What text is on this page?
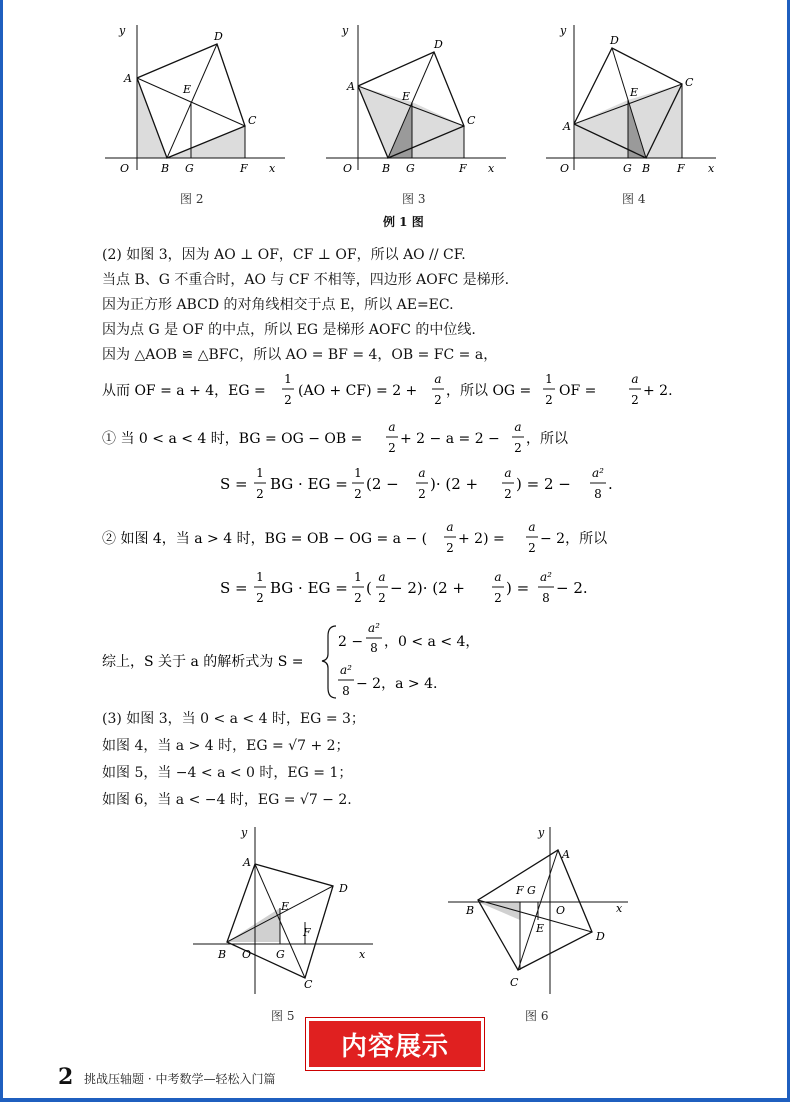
y
x
O
A
D
E
C
B G	F
图 2
y
x
O
A
D
E
C
B G	F
图 3
y
x
O
A
D
E
C
G B F
图 4
例 1 图
(2) 如图 3，因为 AO ⊥ OF，CF ⊥ OF，所以 AO // CF.
当点 B、G 不重合时，AO 与 CF 不相等，四边形 AOFC 是梯形.
因为正方形 ABCD 的对角线相交于点 E，所以 AE=EC.
因为点 G 是 OF 的中点，所以 EG 是梯形 AOFC 的中位线.
因为 △AOB ≌ △BFC，所以 AO = BF = 4，OB = FC = a，
从而 OF = a + 4，EG =
1
2
(AO + CF) = 2 +
a
2
，所以 OG =
1
2
OF =
a
2
+ 2.
① 当 0 < a < 4 时，BG = OG − OB =
a
2
+ 2 − a = 2 −
a
2
，所以
S =
1
2
BG · EG =
1
2
(2 −
a
2
)· (2 +
a
2
) = 2 −
a²
8
.
② 如图 4，当 a > 4 时，BG = OB − OG = a − (
a
2
+ 2) =
a
2
− 2，所以
S =
1
2
BG · EG =
1
2
(
a
2
− 2)· (2 +
a
2
) =
a²
8
− 2.
综上，S 关于 a 的解析式为 S =
2 −
a²
8 ，0 < a < 4，
a²
8 − 2，a > 4.
(3) 如图 3，当 0 < a < 4 时，EG = 3；
如图 4，当 a > 4 时，EG = √7 + 2；
如图 5，当 −4 < a < 0 时，EG = 1；
如图 6，当 a < −4 时，EG = √7 − 2.
y
x
A
D
E
F
B O G
C
图 5
y
x
A
F G
B	O
E
D
C
图 6
内容展示
2 挑战压轴题 · 中考数学—轻松入门篇
